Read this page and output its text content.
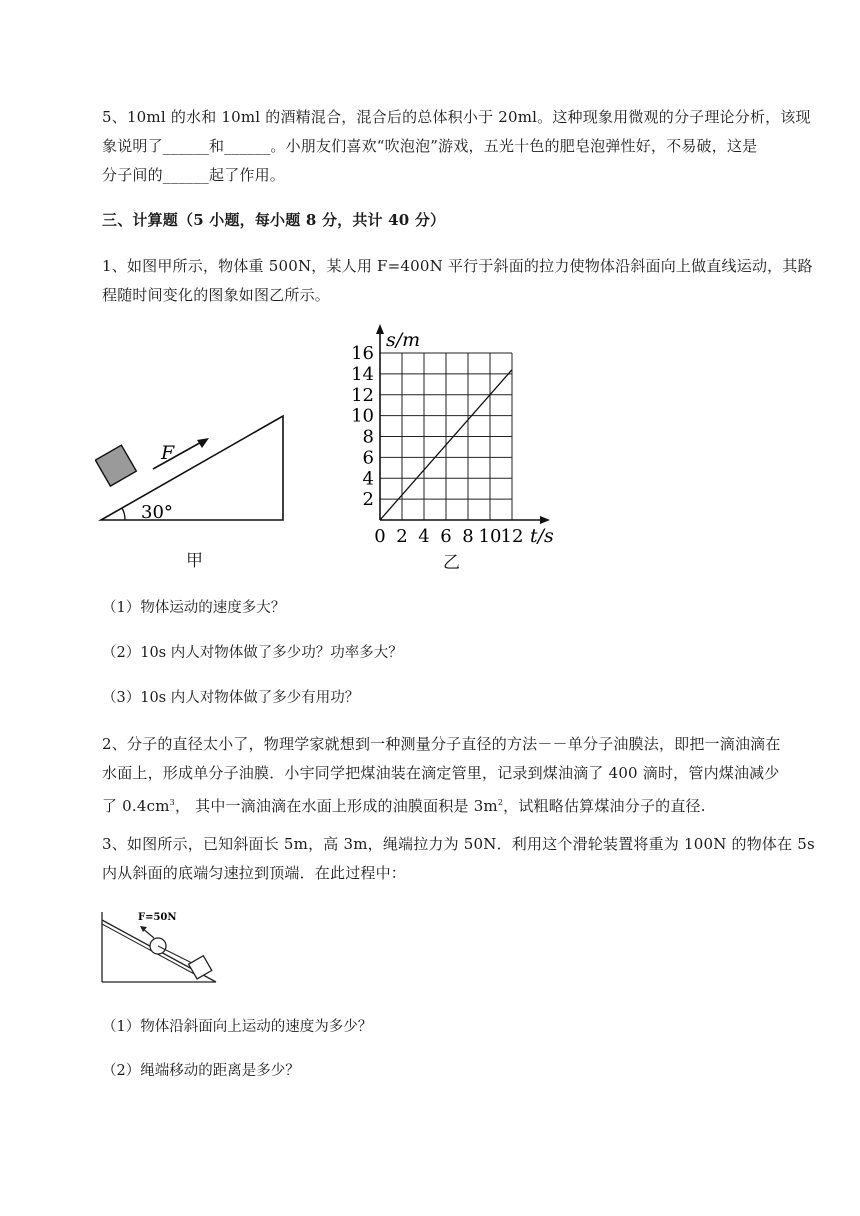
5、10ml 的水和 10ml 的酒精混合，混合后的总体积小于 20ml。这种现象用微观的分子理论分析，该现
象说明了______和______。小朋友们喜欢“吹泡泡”游戏，五光十色的肥皂泡弹性好，不易破，这是
分子间的______起了作用。
三、计算题（5 小题，每小题 8 分，共计 40 分）
1、如图甲所示，物体重 500N，某人用 F=400N 平行于斜面的拉力使物体沿斜面向上做直线运动，其路
程随时间变化的图象如图乙所示。
F
30°
甲
2
4
6
8
10
12
14
16
0 2 4 6 8 10 12
s/m
t/s
乙
（1）物体运动的速度多大？
（2）10s 内人对物体做了多少功？功率多大？
（3）10s 内人对物体做了多少有用功？
2、分子的直径太小了，物理学家就想到一种测量分子直径的方法－－单分子油膜法，即把一滴油滴在
水面上，形成单分子油膜．小宇同学把煤油装在滴定管里，记录到煤油滴了 400 滴时，管内煤油减少
了 $0.4cm^3$， 其中一滴油滴在水面上形成的油膜面积是 $3m^2$，试粗略估算煤油分子的直径.
3、如图所示，已知斜面长 5m，高 3m，绳端拉力为 50N．利用这个滑轮装置将重为 100N 的物体在 5s
内从斜面的底端匀速拉到顶端．在此过程中：
F=50N
（1）物体沿斜面向上运动的速度为多少？
（2）绳端移动的距离是多少？
